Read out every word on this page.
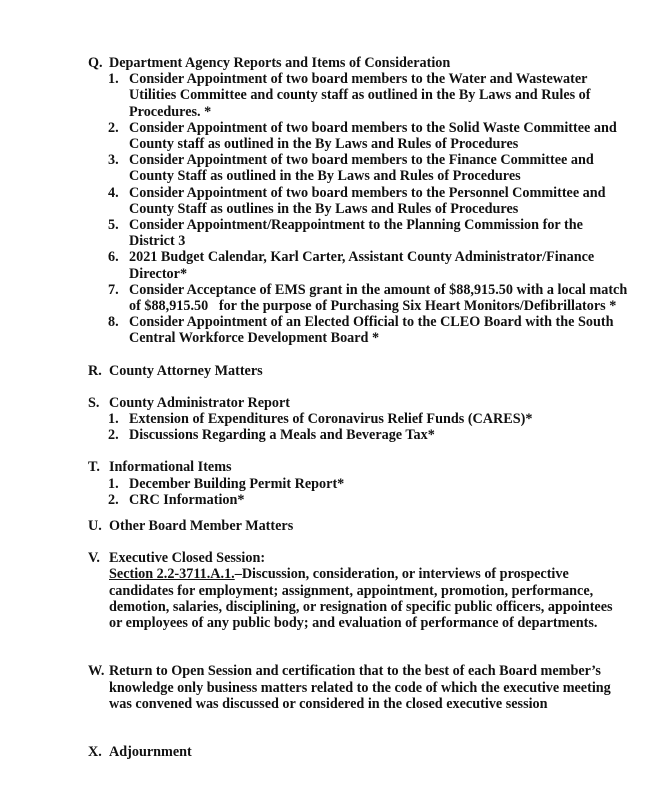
Q. Department Agency Reports and Items of Consideration
1. Consider Appointment of two board members to the Water and Wastewater Utilities Committee and county staff as outlined in the By Laws and Rules of Procedures. *
2. Consider Appointment of two board members to the Solid Waste Committee and County staff as outlined in the By Laws and Rules of Procedures
3. Consider Appointment of two board members to the Finance Committee and County Staff as outlined in the By Laws and Rules of Procedures
4. Consider Appointment of two board members to the Personnel Committee and County Staff as outlines in the By Laws and Rules of Procedures
5. Consider Appointment/Reappointment to the Planning Commission for the District 3
6. 2021 Budget Calendar, Karl Carter, Assistant County Administrator/Finance Director*
7. Consider Acceptance of EMS grant in the amount of $88,915.50 with a local match of $88,915.50   for the purpose of Purchasing Six Heart Monitors/Defibrillators *
8. Consider Appointment of an Elected Official to the CLEO Board with the South Central Workforce Development Board *
R. County Attorney Matters
S. County Administrator Report
1. Extension of Expenditures of Coronavirus Relief Funds (CARES)*
2. Discussions Regarding a Meals and Beverage Tax*
T. Informational Items
1. December Building Permit Report*
2. CRC Information*
U. Other Board Member Matters
V. Executive Closed Session:
Section 2.2-3711.A.1.–Discussion, consideration, or interviews of prospective candidates for employment; assignment, appointment, promotion, performance, demotion, salaries, disciplining, or resignation of specific public officers, appointees or employees of any public body; and evaluation of performance of departments.
W. Return to Open Session and certification that to the best of each Board member’s knowledge only business matters related to the code of which the executive meeting was convened was discussed or considered in the closed executive session
X. Adjournment
